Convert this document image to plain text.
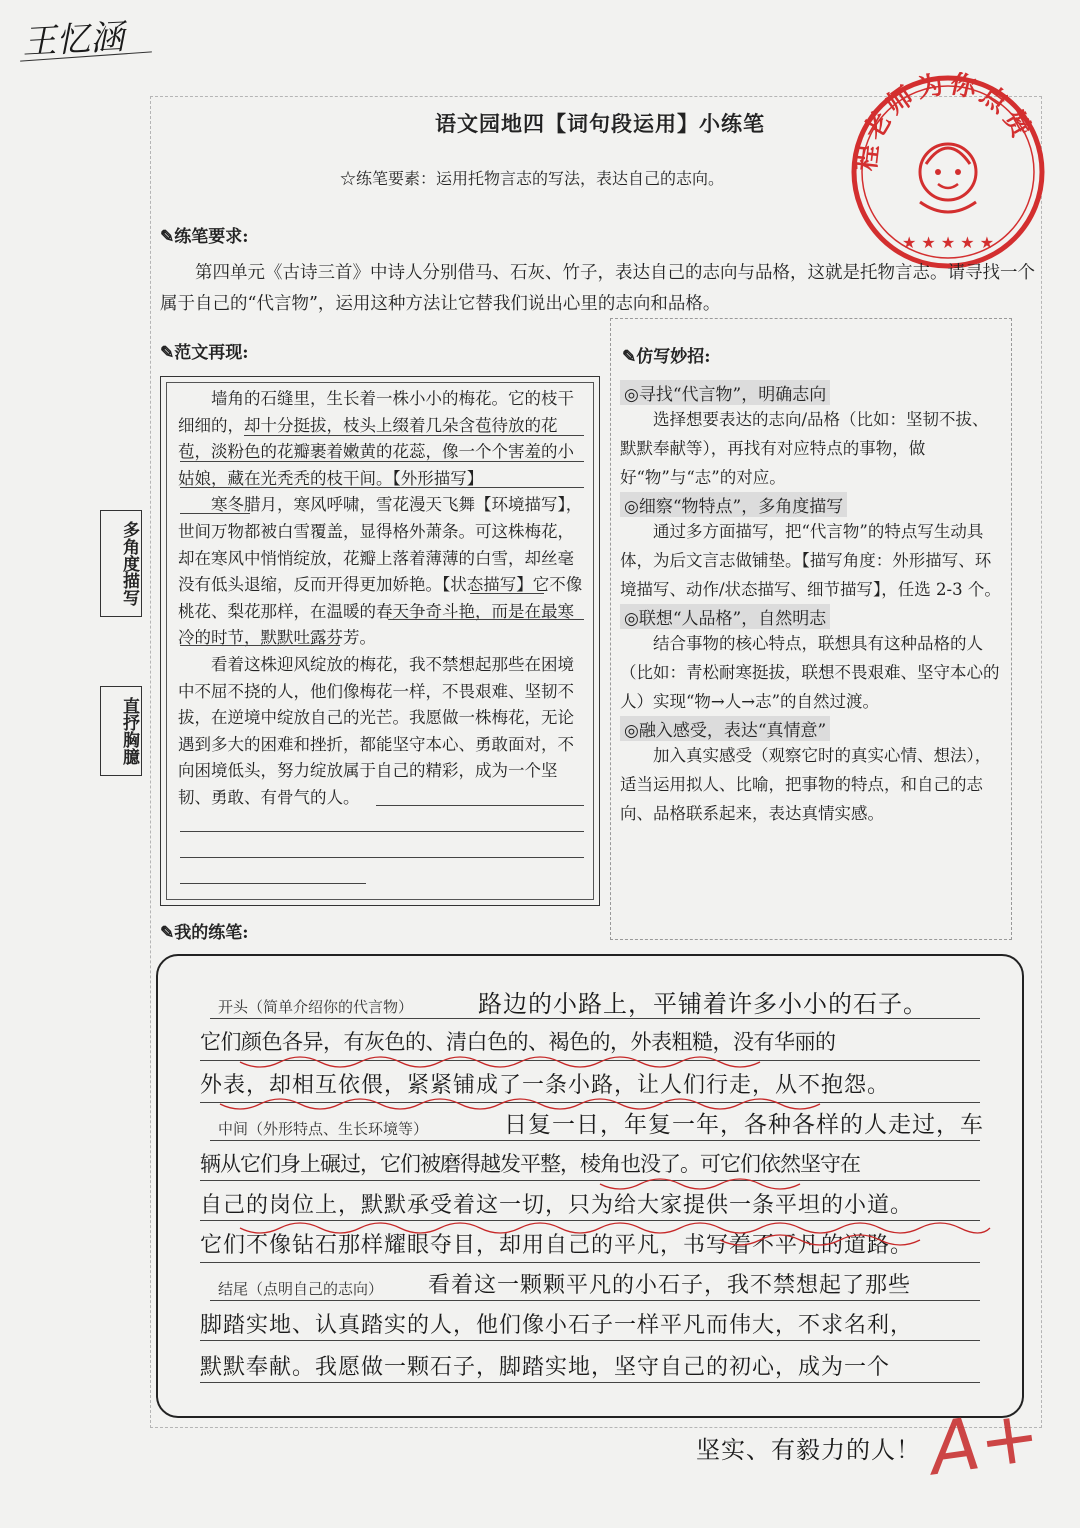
王忆涵
语文园地四【词句段运用】小练笔
☆练笔要素：运用托物言志的写法，表达自己的志向。
程老师为你点赞
★ ★ ★ ★ ★
✎练笔要求:
第四单元《古诗三首》中诗人分别借马、石灰、竹子，表达自己的志向与品格，这就是托物言志。请寻找一个属于自己的“代言物”，运用这种方法让它替我们说出心里的志向和品格。
✎范文再现:

墙角的石缝里，生长着一株小小的梅花。它的枝干细细的，却十分挺拔，枝头上缀着几朵含苞待放的花苞，淡粉色的花瓣裹着嫩黄的花蕊，像一个个害羞的小姑娘，藏在光秃秃的枝干间。【外形描写】

寒冬腊月，寒风呼啸，雪花漫天飞舞【环境描写】，世间万物都被白雪覆盖，显得格外萧条。可这株梅花，却在寒风中悄悄绽放，花瓣上落着薄薄的白雪，却丝毫没有低头退缩，反而开得更加娇艳。【状态描写】它不像桃花、梨花那样，在温暖的春天争奇斗艳，而是在最寒冷的时节，默默吐露芬芳。

看着这株迎风绽放的梅花，我不禁想起那些在困境中不屈不挠的人，他们像梅花一样，不畏艰难、坚韧不拔，在逆境中绽放自己的光芒。我愿做一株梅花，无论遇到多大的困难和挫折，都能坚守本心、勇敢面对，不向困境低头，努力绽放属于自己的精彩，成为一个坚韧、勇敢、有骨气的人。

多角度描写
直抒胸臆
✎仿写妙招:
◎寻找“代言物”，明确志向

选择想要表达的志向/品格（比如：坚韧不拔、默默奉献等），再找有对应特点的事物，做好“物”与“志”的对应。

◎细察“物特点”，多角度描写

通过多方面描写，把“代言物”的特点写生动具体，为后文言志做铺垫。【描写角度：外形描写、环境描写、动作/状态描写、细节描写】，任选 2-3 个。

◎联想“人品格”，自然明志

结合事物的核心特点，联想具有这种品格的人（比如：青松耐寒挺拔，联想不畏艰难、坚守本心的人）实现“物→人→志”的自然过渡。

◎融入感受，表达“真情意”

加入真实感受（观察它时的真实心情、想法），适当运用拟人、比喻，把事物的特点，和自己的志向、品格联系起来，表达真情实感。

✎我的练笔:
开头（简单介绍你的代言物）
中间（外形特点、生长环境等）
结尾（点明自己的志向）
路边的小路上，平铺着许多小小的石子。
它们颜色各异，有灰色的、清白色的、褐色的，外表粗糙，没有华丽的
外表，却相互依偎，紧紧铺成了一条小路，让人们行走，从不抱怨。
日复一日，年复一年，各种各样的人走过，车
辆从它们身上碾过，它们被磨得越发平整，棱角也没了。可它们依然坚守在
自己的岗位上，默默承受着这一切，只为给大家提供一条平坦的小道。
它们不像钻石那样耀眼夺目，却用自己的平凡，书写着不平凡的道路。
看着这一颗颗平凡的小石子，我不禁想起了那些
脚踏实地、认真踏实的人，他们像小石子一样平凡而伟大，不求名利，
默默奉献。我愿做一颗石子，脚踏实地，坚守自己的初心，成为一个
坚实、有毅力的人！ A+
